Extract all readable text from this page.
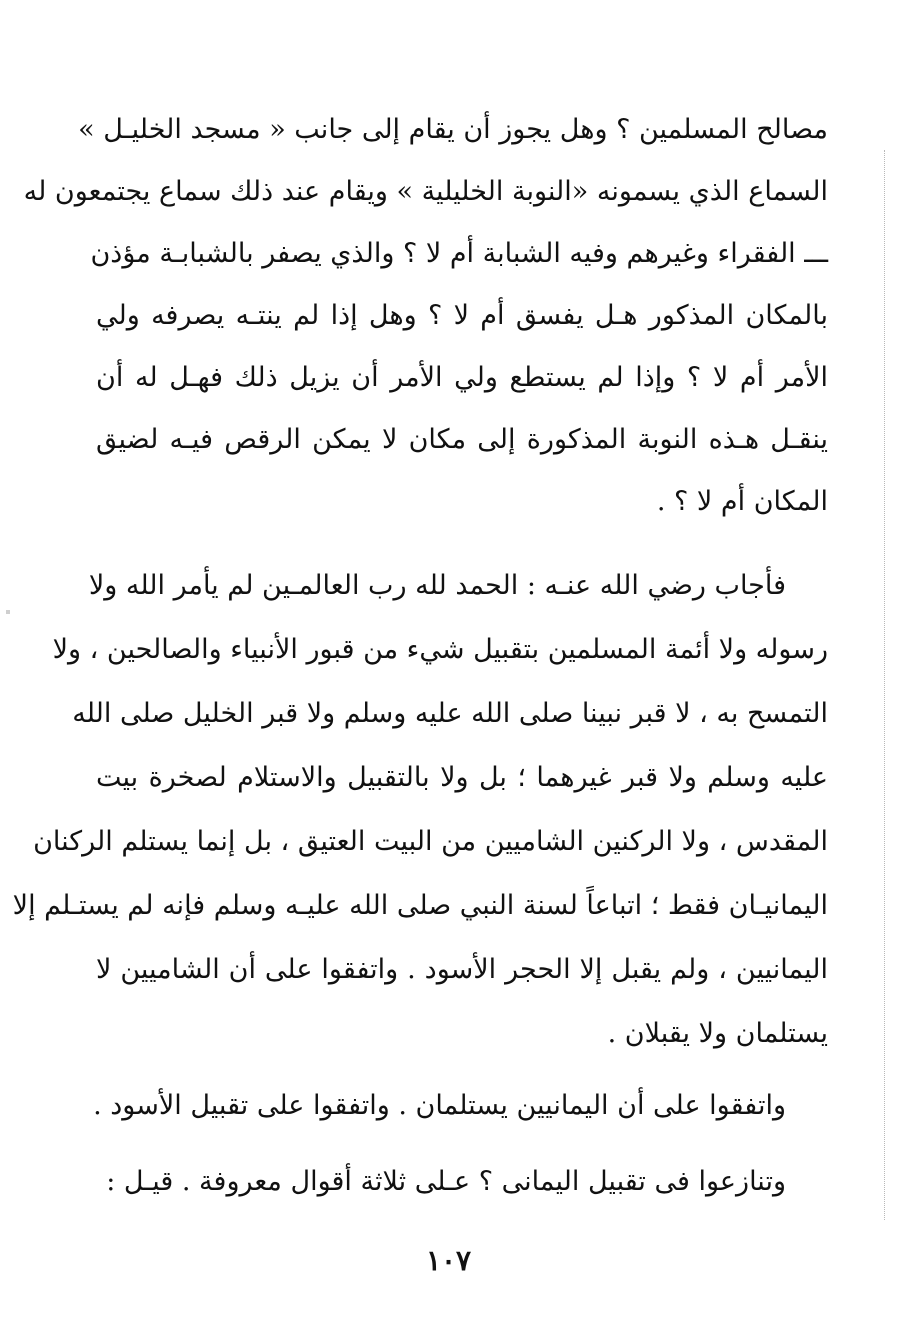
مصالح المسلمين ؟ وهل يجوز أن يقام إلى جانب « مسجد الخليـل »
السماع الذي يسمونه «النوبة الخليلية » ويقام عند ذلك سماع يجتمعون له
ـــ الفقراء وغيرهم وفيه الشبابة أم لا ؟ والذي يصفر بالشبابـة مؤذن
بالمكان المذكور هـل يفسق أم لا ؟ وهل إذا لم ينتـه يصرفه ولي
الأمر أم لا ؟ وإذا لم يستطع ولي الأمر أن يزيل ذلك فهـل له أن
ينقـل هـذه النوبة المذكورة إلى مكان لا يمكن الرقص فيـه لضيق
المكان أم لا ؟ .
فأجاب رضي الله عنـه : الحمد لله رب العالمـين لم يأمر الله ولا
رسوله ولا أئمة المسلمين بتقبيل شيء من قبور الأنبياء والصالحين ، ولا
التمسح به ، لا قبر نبينا صلى الله عليه وسلم ولا قبر الخليل صلى الله
عليه وسلم ولا قبر غيرهما ؛ بل ولا بالتقبيل والاستلام لصخرة بيت
المقدس ، ولا الركنين الشاميين من البيت العتيق ، بل إنما يستلم الركنان
اليمانيـان فقط ؛ اتباعاً لسنة النبي صلى الله عليـه وسلم فإنه لم يستـلم إلا
اليمانيين ، ولم يقبل إلا الحجر الأسود . واتفقوا على أن الشاميين لا
يستلمان ولا يقبلان .
واتفقوا على أن اليمانيين يستلمان . واتفقوا على تقبيل الأسود .
وتنازعوا فى تقبيل اليمانى ؟ عـلى ثلاثة أقوال معروفة . قيـل :
١٠٧
